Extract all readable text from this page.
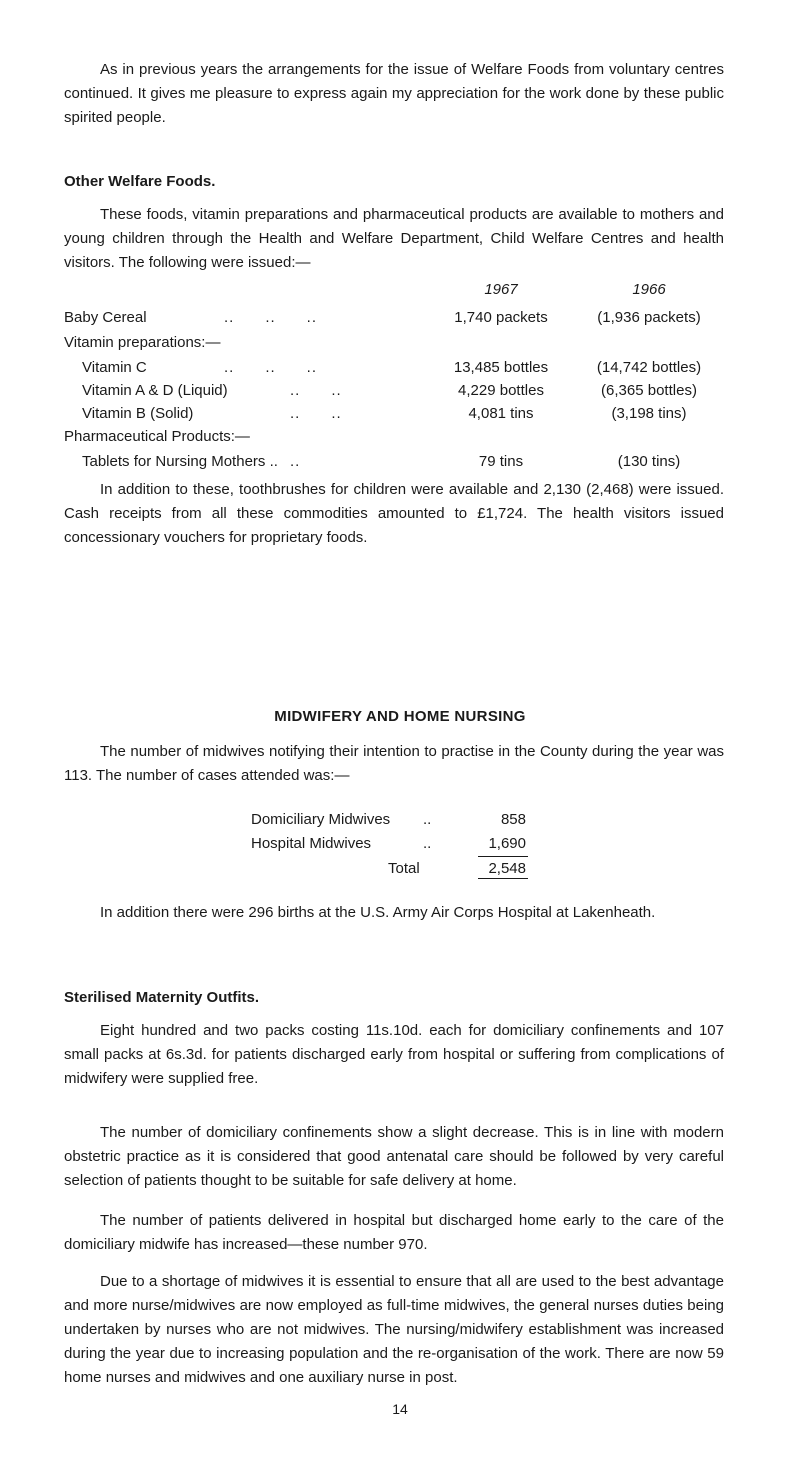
As in previous years the arrangements for the issue of Welfare Foods from voluntary centres continued. It gives me pleasure to express again my appreciation for the work done by these public spirited people.

Other Welfare Foods.

These foods, vitamin preparations and pharmaceutical products are available to mothers and young children through the Health and Welfare Department, Child Welfare Centres and health visitors. The following were issued:—

1967	1966
Baby Cereal	..      ..      ..	1,740 packets	(1,936 packets)
Vitamin preparations:—
Vitamin C	..      ..      ..	13,485 bottles	(14,742 bottles)
Vitamin A & D (Liquid)	..      ..	4,229 bottles	(6,365 bottles)
Vitamin B (Solid)	..      ..	4,081 tins	(3,198 tins)
Pharmaceutical Products:—
Tablets for Nursing Mothers .. ..	79 tins	(130 tins)

In addition to these, toothbrushes for children were available and 2,130 (2,468) were issued. Cash receipts from all these commodities amounted to £1,724. The health visitors issued concessionary vouchers for proprietary foods.

MIDWIFERY AND HOME NURSING

The number of midwives notifying their intention to practise in the County during the year was 113. The number of cases attended was:—

Domiciliary Midwives ..	858
Hospital Midwives	..	1,690
Total	2,548

In addition there were 296 births at the U.S. Army Air Corps Hospital at Lakenheath.

Sterilised Maternity Outfits.

Eight hundred and two packs costing 11s.10d. each for domiciliary confinements and 107 small packs at 6s.3d. for patients discharged early from hospital or suffering from complications of midwifery were supplied free.

The number of domiciliary confinements show a slight decrease. This is in line with modern obstetric practice as it is considered that good antenatal care should be followed by very careful selection of patients thought to be suitable for safe delivery at home.

The number of patients delivered in hospital but discharged home early to the care of the domiciliary midwife has increased—these number 970.

Due to a shortage of midwives it is essential to ensure that all are used to the best advantage and more nurse/midwives are now employed as full-time midwives, the general nurses duties being undertaken by nurses who are not midwives. The nursing/midwifery establishment was increased during the year due to increasing population and the re-organisation of the work. There are now 59 home nurses and midwives and one auxiliary nurse in post.

14
